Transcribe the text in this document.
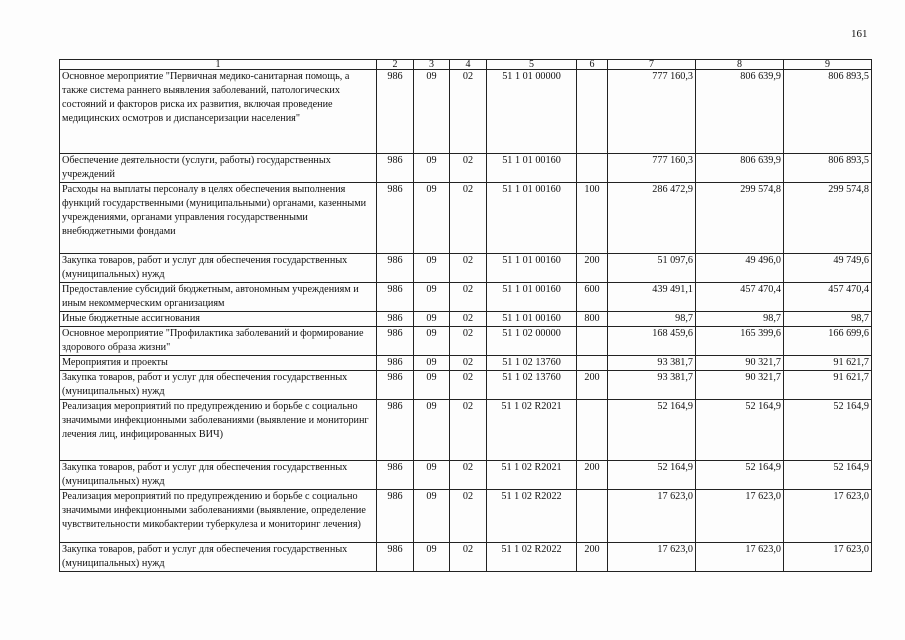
161
1	2	3	4	5	6	7	8	9
Основное мероприятие "Первичная медико-санитарная помощь, а также система раннего выявления заболеваний, патологических состояний и факторов риска их развития, включая проведение медицинских осмотров и диспансеризации населения"	986	09	02	51 1 01 00000		777 160,3	806 639,9	806 893,5
Обеспечение деятельности (услуги, работы) государственных учреждений	986	09	02	51 1 01 00160		777 160,3	806 639,9	806 893,5
Расходы на выплаты персоналу в целях обеспечения выполнения функций государственными (муниципальными) органами, казенными учреждениями, органами управления государственными внебюджетными фондами	986	09	02	51 1 01 00160	100	286 472,9	299 574,8	299 574,8
Закупка товаров, работ и услуг для обеспечения государственных (муниципальных) нужд	986	09	02	51 1 01 00160	200	51 097,6	49 496,0	49 749,6
Предоставление субсидий бюджетным, автономным учреждениям и иным некоммерческим организациям	986	09	02	51 1 01 00160	600	439 491,1	457 470,4	457 470,4
Иные бюджетные ассигнования	986	09	02	51 1 01 00160	800	98,7	98,7	98,7
Основное мероприятие "Профилактика заболеваний и формирование здорового образа жизни"	986	09	02	51 1 02 00000		168 459,6	165 399,6	166 699,6
Мероприятия и проекты	986	09	02	51 1 02 13760		93 381,7	90 321,7	91 621,7
Закупка товаров, работ и услуг для обеспечения государственных (муниципальных) нужд	986	09	02	51 1 02 13760	200	93 381,7	90 321,7	91 621,7
Реализация мероприятий по предупреждению и борьбе с социально значимыми инфекционными заболеваниями (выявление и мониторинг лечения лиц, инфицированных ВИЧ)	986	09	02	51 1 02 R2021		52 164,9	52 164,9	52 164,9
Закупка товаров, работ и услуг для обеспечения государственных (муниципальных) нужд	986	09	02	51 1 02 R2021	200	52 164,9	52 164,9	52 164,9
Реализация мероприятий по предупреждению и борьбе с социально значимыми инфекционными заболеваниями (выявление, определение чувствительности микобактерии туберкулеза и мониторинг лечения)	986	09	02	51 1 02 R2022		17 623,0	17 623,0	17 623,0
Закупка товаров, работ и услуг для обеспечения государственных (муниципальных) нужд	986	09	02	51 1 02 R2022	200	17 623,0	17 623,0	17 623,0
